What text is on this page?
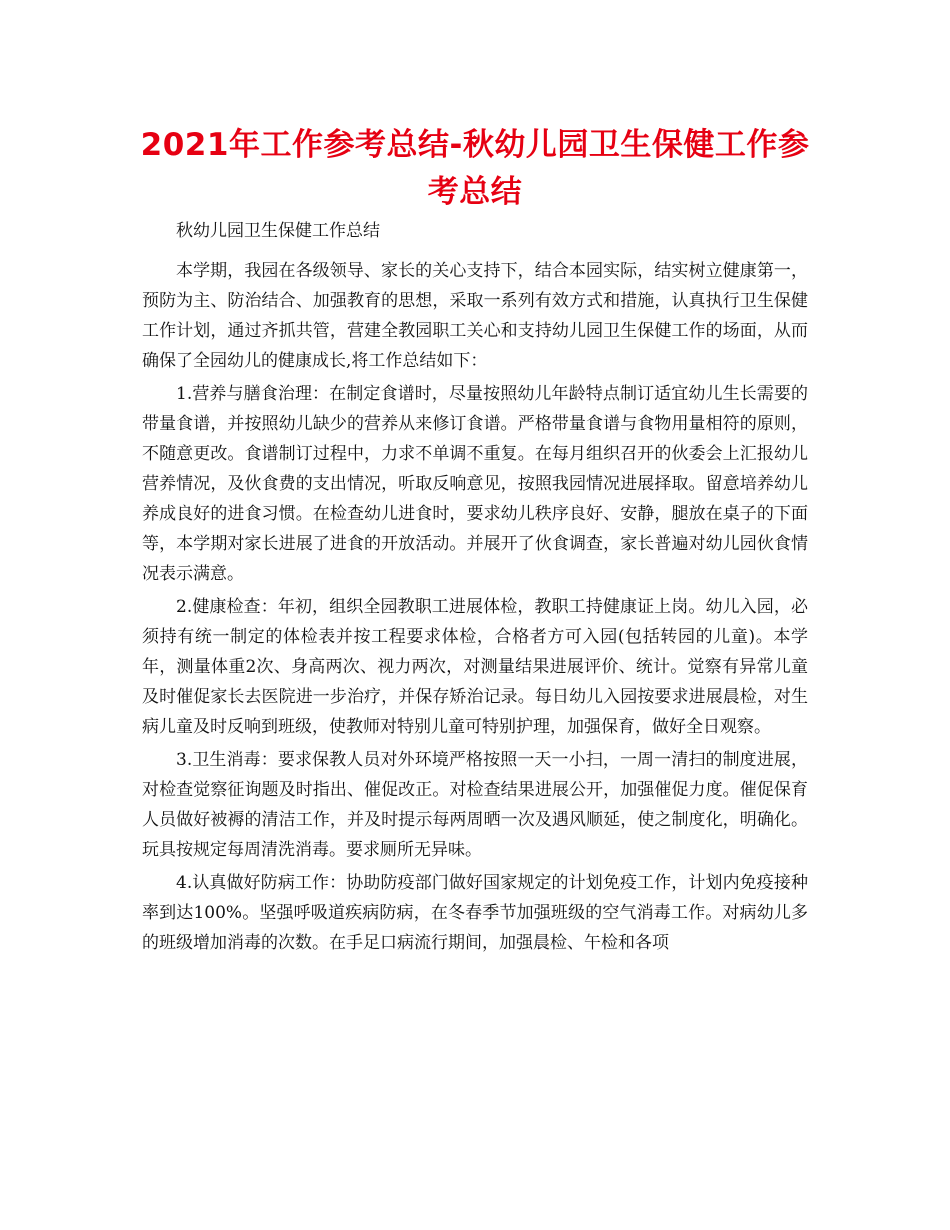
2021年工作参考总结-秋幼儿园卫生保健工作参考总结

秋幼儿园卫生保健工作总结

本学期，我园在各级领导、家长的关心支持下，结合本园实际，结实树立健康第一，预防为主、防治结合、加强教育的思想，采取一系列有效方式和措施，认真执行卫生保健工作计划，通过齐抓共管，营建全教园职工关心和支持幼儿园卫生保健工作的场面，从而确保了全园幼儿的健康成长,将工作总结如下：

1.营养与膳食治理：在制定食谱时，尽量按照幼儿年龄特点制订适宜幼儿生长需要的带量食谱，并按照幼儿缺少的营养从来修订食谱。严格带量食谱与食物用量相符的原则，不随意更改。食谱制订过程中，力求不单调不重复。在每月组织召开的伙委会上汇报幼儿营养情况，及伙食费的支出情况，听取反响意见，按照我园情况进展择取。留意培养幼儿养成良好的进食习惯。在检查幼儿进食时，要求幼儿秩序良好、安静，腿放在桌子的下面等，本学期对家长进展了进食的开放活动。并展开了伙食调查，家长普遍对幼儿园伙食情况表示满意。

2.健康检查：年初，组织全园教职工进展体检，教职工持健康证上岗。幼儿入园，必须持有统一制定的体检表并按工程要求体检，合格者方可入园(包括转园的儿童)。本学年，测量体重2次、身高两次、视力两次，对测量结果进展评价、统计。觉察有异常儿童及时催促家长去医院进一步治疗，并保存矫治记录。每日幼儿入园按要求进展晨检，对生病儿童及时反响到班级，使教师对特别儿童可特别护理，加强保育，做好全日观察。

3.卫生消毒：要求保教人员对外环境严格按照一天一小扫，一周一清扫的制度进展，对检查觉察征询题及时指出、催促改正。对检查结果进展公开，加强催促力度。催促保育人员做好被褥的清洁工作，并及时提示每两周晒一次及遇风顺延，使之制度化，明确化。玩具按规定每周清洗消毒。要求厕所无异味。

4.认真做好防病工作：协助防疫部门做好国家规定的计划免疫工作，计划内免疫接种率到达100%。坚强呼吸道疾病防病，在冬春季节加强班级的空气消毒工作。对病幼儿多的班级增加消毒的次数。在手足口病流行期间，加强晨检、午检和各项
